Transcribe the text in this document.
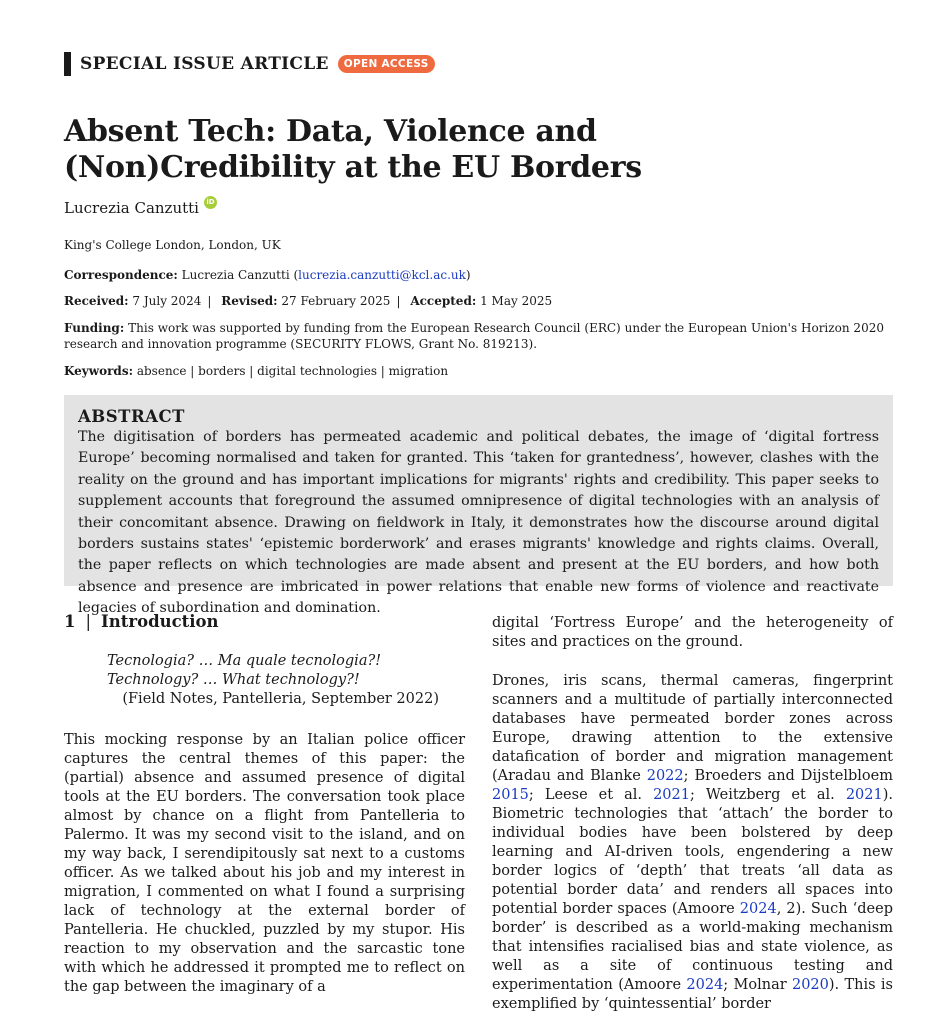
SPECIAL ISSUE ARTICLE	OPEN ACCESS
Absent Tech: Data, Violence and (Non)Credibility at the EU Borders
Lucrezia Canzutti	iD
King's College London, London, UK
Correspondence: Lucrezia Canzutti (lucrezia.canzutti@kcl.ac.uk)
Received: 7 July 2024 | Revised: 27 February 2025 | Accepted: 1 May 2025
Funding: This work was supported by funding from the European Research Council (ERC) under the European Union's Horizon 2020 research and innovation programme (SECURITY FLOWS, Grant No. 819213).
Keywords: absence | borders | digital technologies | migration
ABSTRACT
The digitisation of borders has permeated academic and political debates, the image of ‘digital fortress Europe’ becoming normalised and taken for granted. This ‘taken for grantedness’, however, clashes with the reality on the ground and has important implications for migrants' rights and credibility. This paper seeks to supplement accounts that foreground the assumed omnipresence of digital technologies with an analysis of their concomitant absence. Drawing on fieldwork in Italy, it demonstrates how the discourse around digital borders sustains states' ‘epistemic borderwork’ and erases migrants' knowledge and rights claims. Overall, the paper reflects on which technologies are made absent and present at the EU borders, and how both absence and presence are imbricated in power relations that enable new forms of violence and reactivate legacies of subordination and domination.
1 | Introduction
Tecnologia? … Ma quale tecnologia?!
Technology? … What technology?!
(Field Notes, Pantelleria, September 2022)
This mocking response by an Italian police officer captures the central themes of this paper: the (partial) absence and assumed presence of digital tools at the EU borders. The conversation took place almost by chance on a flight from Pantelleria to Palermo. It was my second visit to the island, and on my way back, I serendipitously sat next to a customs officer. As we talked about his job and my interest in migration, I commented on what I found a surprising lack of technology at the external border of Pantelleria. He chuckled, puzzled by my stupor. His reaction to my observation and the sarcastic tone with which he addressed it prompted me to reflect on the gap between the imaginary of a
digital ‘Fortress Europe’ and the heterogeneity of sites and practices on the ground.
Drones, iris scans, thermal cameras, fingerprint scanners and a multitude of partially interconnected databases have permeated border zones across Europe, drawing attention to the extensive datafication of border and migration management (Aradau and Blanke 2022; Broeders and Dijstelbloem 2015; Leese et al. 2021; Weitzberg et al. 2021). Biometric technologies that ‘attach’ the border to individual bodies have been bolstered by deep learning and AI-driven tools, engendering a new border logics of ‘depth’ that treats ‘all data as potential border data’ and renders all spaces into potential border spaces (Amoore 2024, 2). Such ‘deep border’ is described as a world-making mechanism that intensifies racialised bias and state violence, as well as a site of continuous testing and experimentation (Amoore 2024; Molnar 2020). This is exemplified by ‘quintessential’ border
